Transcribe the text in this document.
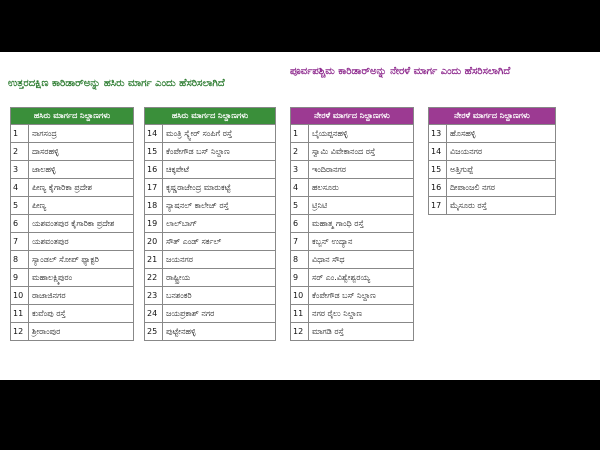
ಉತ್ತರದಕ್ಷಿಣ ಕಾರಿಡಾರ್‌ಅನ್ನು ಹಸಿರು ಮಾರ್ಗ ಎಂದು ಹೆಸರಿಸಲಾಗಿದೆ
ಪೂರ್ವಪಶ್ಚಿಮ ಕಾರಿಡಾರ್‌ಅನ್ನು ನೇರಳೆ ಮಾರ್ಗ ಎಂದು ಹೆಸರಿಸಲಾಗಿದೆ
ಹಸಿರು ಮಾರ್ಗದ ನಿಲ್ದಾಣಗಳು	
1	ನಾಗಸಂದ್ರ
2	ದಾಸರಹಳ್ಳಿ
3	ಜಾಲಹಳ್ಳಿ
4	ಪೀಣ್ಯ ಕೈಗಾರಿಕಾ ಪ್ರದೇಶ
5	ಪೀಣ್ಯ
6	ಯಶವಂತಪುರ ಕೈಗಾರಿಕಾ ಪ್ರದೇಶ
7	ಯಶವಂತಪುರ
8	ಸ್ಯಾಂಡಲ್ ಸೋಪ್ ಫ್ಯಾಕ್ಟರಿ
9	ಮಹಾಲಕ್ಷ್ಮಿಪುರಂ
10	ರಾಜಾಜಿನಗರ
11	ಕುವೆಂಪು ರಸ್ತೆ
12	ಶ್ರೀರಾಂಪುರ
ಹಸಿರು ಮಾರ್ಗದ ನಿಲ್ದಾಣಗಳು	
14	ಮಂತ್ರಿ ಸ್ಕ್ವೇರ್ ಸಂಪಿಗೆ ರಸ್ತೆ
15	ಕೆಂಪೇಗೌಡ ಬಸ್ ನಿಲ್ದಾಣ
16	ಚಿಕ್ಕಪೇಟೆ
17	ಕೃಷ್ಣರಾಜೇಂದ್ರ ಮಾರುಕಟ್ಟೆ
18	ನ್ಯಾಷನಲ್ ಕಾಲೇಜ್ ರಸ್ತೆ
19	ಲಾಲ್‌ಬಾಗ್
20	ಸೌತ್ ಎಂಡ್ ಸರ್ಕಲ್
21	ಜಯನಗರ
22	ರಾಷ್ಟ್ರೀಯ
23	ಬನಶಂಕರಿ
24	ಜಯಪ್ರಕಾಶ್ ನಗರ
25	ಪುಟ್ಟೇನಹಳ್ಳಿ
ನೇರಳೆ ಮಾರ್ಗದ ನಿಲ್ದಾಣಗಳು	
1	ಬೈಯಪ್ಪನಹಳ್ಳಿ
2	ಸ್ವಾಮಿ ವಿವೇಕಾನಂದ ರಸ್ತೆ
3	ಇಂದಿರಾನಗರ
4	ಹಲಸೂರು
5	ಟ್ರಿನಿಟಿ
6	ಮಹಾತ್ಮ ಗಾಂಧಿ ರಸ್ತೆ
7	ಕಬ್ಬನ್ ಉದ್ಯಾನ
8	ವಿಧಾನ ಸೌಧ
9	ಸರ್ ಎಂ.ವಿಶ್ವೇಶ್ವರಯ್ಯ
10	ಕೆಂಪೇಗೌಡ ಬಸ್ ನಿಲ್ದಾಣ
11	ನಗರ ರೈಲು ನಿಲ್ದಾಣ
12	ಮಾಗಡಿ ರಸ್ತೆ
ನೇರಳೆ ಮಾರ್ಗದ ನಿಲ್ದಾಣಗಳು	
13	ಹೊಸಹಳ್ಳಿ
14	ವಿಜಯನಗರ
15	ಅತ್ತಿಗುಪ್ಪೆ
16	ದೀಪಾಂಜಲಿ ನಗರ
17	ಮೈಸೂರು ರಸ್ತೆ
